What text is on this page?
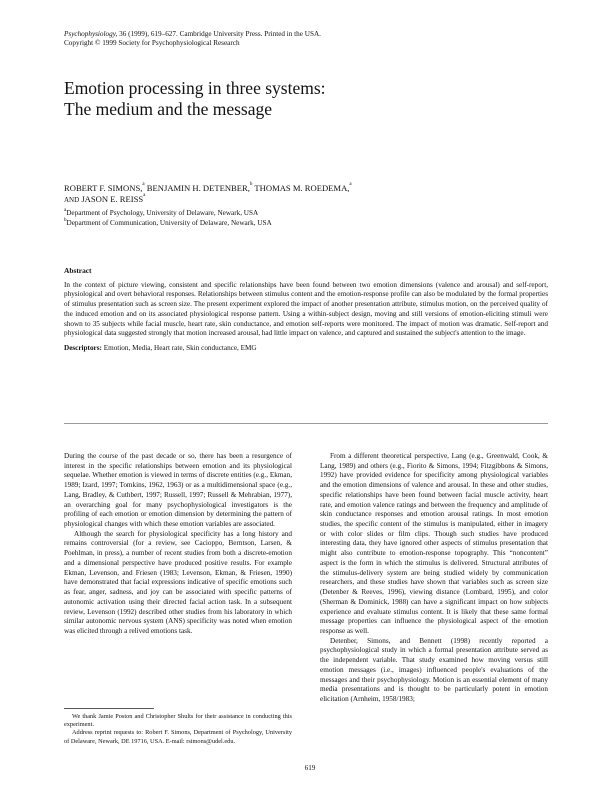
Psychophysiology, 36 (1999), 619–627. Cambridge University Press. Printed in the USA.
Copyright © 1999 Society for Psychophysiological Research
Emotion processing in three systems:
The medium and the message
ROBERT F. SIMONS,$^a$ BENJAMIN H. DETENBER,$^b$ THOMAS M. ROEDEMA,$^a$
AND JASON E. REISS$^a$
$^a$Department of Psychology, University of Delaware, Newark, USA
$^b$Department of Communication, University of Delaware, Newark, USA
Abstract
In the context of picture viewing, consistent and specific relationships have been found between two emotion dimensions (valence and arousal) and self-report, physiological and overt behavioral responses. Relationships between stimulus content and the emotion-response profile can also be modulated by the formal properties of stimulus presentation such as screen size. The present experiment explored the impact of another presentation attribute, stimulus motion, on the perceived quality of the induced emotion and on its associated physiological response pattern. Using a within-subject design, moving and still versions of emotion-eliciting stimuli were shown to 35 subjects while facial muscle, heart rate, skin conductance, and emotion self-reports were monitored. The impact of motion was dramatic. Self-report and physiological data suggested strongly that motion increased arousal, had little impact on valence, and captured and sustained the subject's attention to the image.
Descriptors: Emotion, Media, Heart rate, Skin conductance, EMG

During the course of the past decade or so, there has been a resurgence of interest in the specific relationships between emotion and its physiological sequelae. Whether emotion is viewed in terms of discrete entities (e.g., Ekman, 1989; Izard, 1997; Tomkins, 1962, 1963) or as a multidimensional space (e.g., Lang, Bradley, & Cuthbert, 1997; Russell, 1997; Russell & Mehrabian, 1977), an overarching goal for many psychophysiological investigators is the profiling of each emotion or emotion dimension by determining the pattern of physiological changes with which these emotion variables are associated.

Although the search for physiological specificity has a long history and remains controversial (for a review, see Cacioppo, Berntson, Larsen, & Poehlman, in press), a number of recent studies from both a discrete-emotion and a dimensional perspective have produced positive results. For example Ekman, Levenson, and Friesen (1983; Levenson, Ekman, & Friesen, 1990) have demonstrated that facial expressions indicative of specific emotions such as fear, anger, sadness, and joy can be associated with specific patterns of autonomic activation using their directed facial action task. In a subsequent review, Levenson (1992) described other studies from his laboratory in which similar autonomic nervous system (ANS) specificity was noted when emotion was elicited through a relived emotions task.

From a different theoretical perspective, Lang (e.g., Greenwald, Cook, & Lang, 1989) and others (e.g., Fiorito & Simons, 1994; Fitzgibbons & Simons, 1992) have provided evidence for specificity among physiological variables and the emotion dimensions of valence and arousal. In these and other studies, specific relationships have been found between facial muscle activity, heart rate, and emotion valence ratings and between the frequency and amplitude of skin conductance responses and emotion arousal ratings. In most emotion studies, the specific content of the stimulus is manipulated, either in imagery or with color slides or film clips. Though such studies have produced interesting data, they have ignored other aspects of stimulus presentation that might also contribute to emotion-response topography. This “noncontent” aspect is the form in which the stimulus is delivered. Structural attributes of the stimulus-delivery system are being studied widely by communication researchers, and these studies have shown that variables such as screen size (Detenber & Reeves, 1996), viewing distance (Lombard, 1995), and color (Sherman & Dominick, 1988) can have a significant impact on how subjects experience and evaluate stimulus content. It is likely that these same formal message properties can influence the physiological aspect of the emotion response as well.

Detenber, Simons, and Bennett (1998) recently reported a psychophysiological study in which a formal presentation attribute served as the independent variable. That study examined how moving versus still emotion messages (i.e., images) influenced people's evaluations of the messages and their psychophysiology. Motion is an essential element of many media presentations and is thought to be particularly potent in emotion elicitation (Arnheim, 1958/1983;

We thank Jamie Poston and Christopher Shults for their assistance in conducting this experiment.

Address reprint requests to: Robert F. Simons, Department of Psychology, University of Delaware, Newark, DE 19716, USA. E-mail: rsimons@udel.edu.

619
